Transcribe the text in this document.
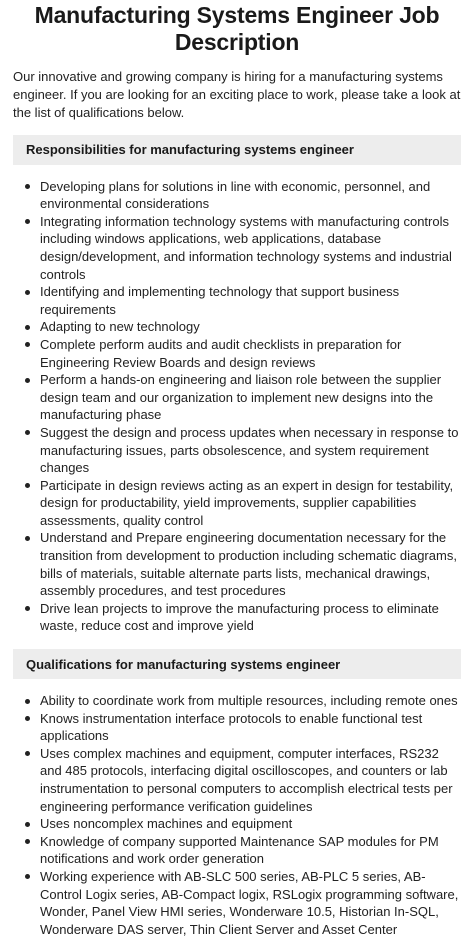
Manufacturing Systems Engineer Job Description

Our innovative and growing company is hiring for a manufacturing systems engineer. If you are looking for an exciting place to work, please take a look at the list of qualifications below.

Responsibilities for manufacturing systems engineer
Developing plans for solutions in line with economic, personnel, and environmental considerations
Integrating information technology systems with manufacturing controls including windows applications, web applications, database design/development, and information technology systems and industrial controls
Identifying and implementing technology that support business requirements
Adapting to new technology
Complete perform audits and audit checklists in preparation for Engineering Review Boards and design reviews
Perform a hands-on engineering and liaison role between the supplier design team and our organization to implement new designs into the manufacturing phase
Suggest the design and process updates when necessary in response to manufacturing issues, parts obsolescence, and system requirement changes
Participate in design reviews acting as an expert in design for testability, design for productability, yield improvements, supplier capabilities assessments, quality control
Understand and Prepare engineering documentation necessary for the transition from development to production including schematic diagrams, bills of materials, suitable alternate parts lists, mechanical drawings, assembly procedures, and test procedures
Drive lean projects to improve the manufacturing process to eliminate waste, reduce cost and improve yield
Qualifications for manufacturing systems engineer
Ability to coordinate work from multiple resources, including remote ones
Knows instrumentation interface protocols to enable functional test applications
Uses complex machines and equipment, computer interfaces, RS232 and 485 protocols, interfacing digital oscilloscopes, and counters or lab instrumentation to personal computers to accomplish electrical tests per engineering performance verification guidelines
Uses noncomplex machines and equipment
Knowledge of company supported Maintenance SAP modules for PM notifications and work order generation
Working experience with AB-SLC 500 series, AB-PLC 5 series, AB-Control Logix series, AB-Compact logix, RSLogix programming software, Wonder, Panel View HMI series, Wonderware 10.5, Historian In-SQL, Wonderware DAS server, Thin Client Server and Asset Center
